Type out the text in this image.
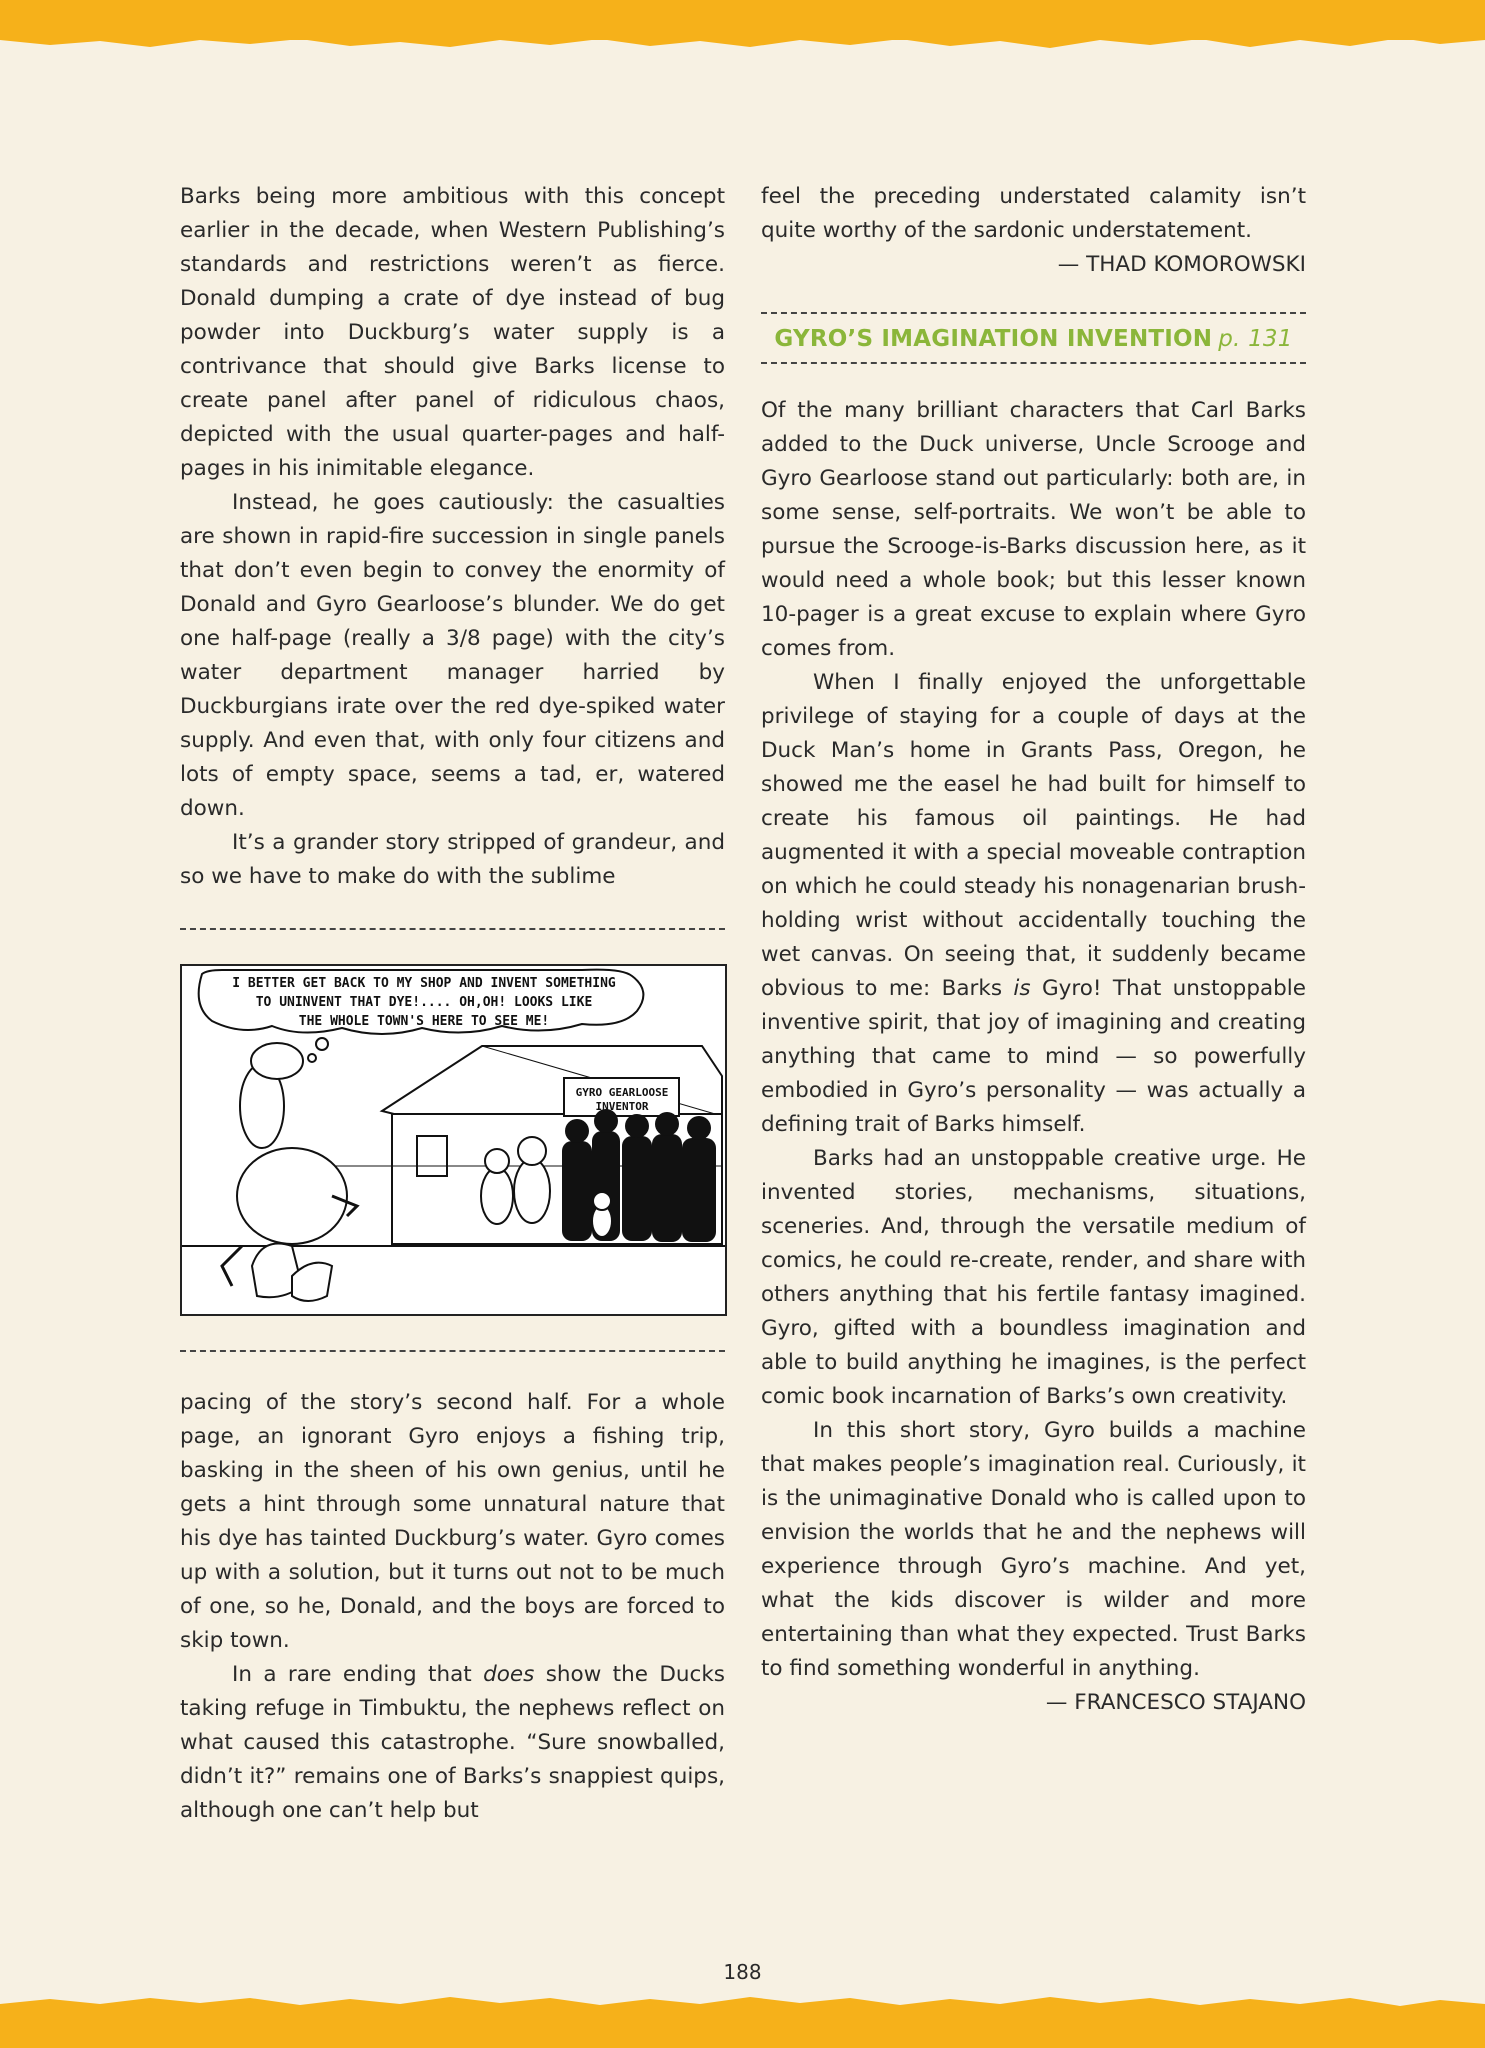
Barks being more ambitious with this concept earlier in the decade, when Western Publishing’s standards and restrictions weren’t as fierce. Donald dumping a crate of dye instead of bug powder into Duckburg’s water supply is a contrivance that should give Barks license to create panel after panel of ridiculous chaos, depicted with the usual quarter-pages and half-pages in his inimitable elegance.

Instead, he goes cautiously: the casualties are shown in rapid-fire succession in single panels that don’t even begin to convey the enormity of Donald and Gyro Gearloose’s blunder. We do get one half-page (really a 3/8 page) with the city’s water department manager harried by Duckburgians irate over the red dye-spiked water supply. And even that, with only four citizens and lots of empty space, seems a tad, er, watered down.

It’s a grander story stripped of grandeur, and so we have to make do with the sublime

I BETTER GET BACK TO MY SHOP AND INVENT SOMETHING
TO UNINVENT THAT DYE!.... OH,OH! LOOKS LIKE
THE WHOLE TOWN'S HERE TO SEE ME!
GYRO GEARLOOSE
INVENTOR

pacing of the story’s second half. For a whole page, an ignorant Gyro enjoys a fishing trip, basking in the sheen of his own genius, until he gets a hint through some unnatural nature that his dye has tainted Duckburg’s water. Gyro comes up with a solution, but it turns out not to be much of one, so he, Donald, and the boys are forced to skip town.

In a rare ending that does show the Ducks taking refuge in Timbuktu, the nephews reflect on what caused this catastrophe. “Sure snowballed, didn’t it?” remains one of Barks’s snappiest quips, although one can’t help but

feel the preceding understated calamity isn’t quite worthy of the sardonic understatement.

— THAD KOMOROWSKI

GYRO’S IMAGINATION INVENTION p. 131

Of the many brilliant characters that Carl Barks added to the Duck universe, Uncle Scrooge and Gyro Gearloose stand out particularly: both are, in some sense, self-portraits. We won’t be able to pursue the Scrooge-is-Barks discussion here, as it would need a whole book; but this lesser known 10-pager is a great excuse to explain where Gyro comes from.

When I finally enjoyed the unforgettable privilege of staying for a couple of days at the Duck Man’s home in Grants Pass, Oregon, he showed me the easel he had built for himself to create his famous oil paintings. He had augmented it with a special moveable contraption on which he could steady his nonagenarian brush-holding wrist without accidentally touching the wet canvas. On seeing that, it suddenly became obvious to me: Barks is Gyro! That unstoppable inventive spirit, that joy of imagining and creating anything that came to mind — so powerfully embodied in Gyro’s personality — was actually a defining trait of Barks himself.

Barks had an unstoppable creative urge. He invented stories, mechanisms, situations, sceneries. And, through the versatile medium of comics, he could re-create, render, and share with others anything that his fertile fantasy imagined. Gyro, gifted with a boundless imagination and able to build anything he imagines, is the perfect comic book incarnation of Barks’s own creativity.

In this short story, Gyro builds a machine that makes people’s imagination real. Curiously, it is the unimaginative Donald who is called upon to envision the worlds that he and the nephews will experience through Gyro’s machine. And yet, what the kids discover is wilder and more entertaining than what they expected. Trust Barks to find something wonderful in anything.

— FRANCESCO STAJANO

188
